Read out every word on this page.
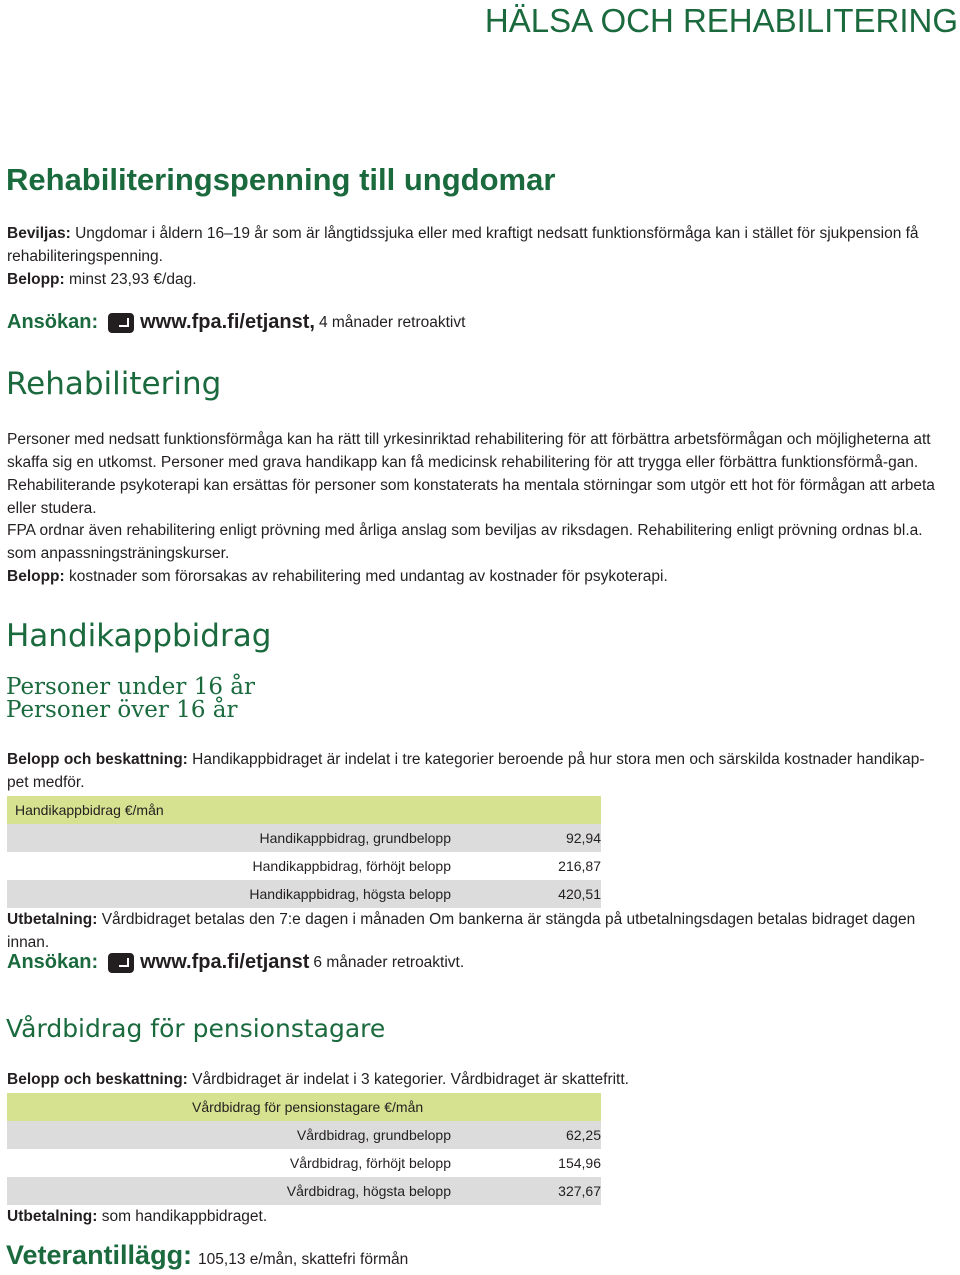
HÄLSA OCH REHABILITERING
Rehabiliteringspenning till ungdomar
Beviljas: Ungdomar i åldern 16–19 år som är långtidssjuka eller med kraftigt nedsatt funktionsförmåga kan i stället för sjukpension få rehabiliteringspenning.
Belopp: minst 23,93 €/dag.
Ansökan: www.fpa.fi/etjanst, 4 månader retroaktivt
Rehabilitering
Personer med nedsatt funktionsförmåga kan ha rätt till yrkesinriktad rehabilitering för att förbättra arbetsförmågan och möjligheterna att skaffa sig en utkomst. Personer med grava handikapp kan få medicinsk rehabilitering för att trygga eller förbättra funktionsförmå-gan. Rehabiliterande psykoterapi kan ersättas för personer som konstaterats ha mentala störningar som utgör ett hot för förmågan att arbeta eller studera.
FPA ordnar även rehabilitering enligt prövning med årliga anslag som beviljas av riksdagen. Rehabilitering enligt prövning ordnas bl.a. som anpassningsträningskurser.
Belopp: kostnader som förorsakas av rehabilitering med undantag av kostnader för psykoterapi.
Handikappbidrag
Personer under 16 år
Personer över 16 år
Belopp och beskattning: Handikappbidraget är indelat i tre kategorier beroende på hur stora men och särskilda kostnader handikap-pet medför.
Handikappbidrag €/mån	
Handikappbidrag, grundbelopp	92,94
Handikappbidrag, förhöjt belopp	216,87
Handikappbidrag, högsta belopp	420,51
Utbetalning: Vårdbidraget betalas den 7:e dagen i månaden Om bankerna är stängda på utbetalningsdagen betalas bidraget dagen innan.
Ansökan: www.fpa.fi/etjanst 6 månader retroaktivt.
Vårdbidrag för pensionstagare
Belopp och beskattning: Vårdbidraget är indelat i 3 kategorier. Vårdbidraget är skattefritt.
Vårdbidrag för pensionstagare €/mån	
Vårdbidrag, grundbelopp	62,25
Vårdbidrag, förhöjt belopp	154,96
Vårdbidrag, högsta belopp	327,67
Utbetalning: som handikappbidraget.
Veterantillägg: 105,13 e/mån, skattefri förmån
